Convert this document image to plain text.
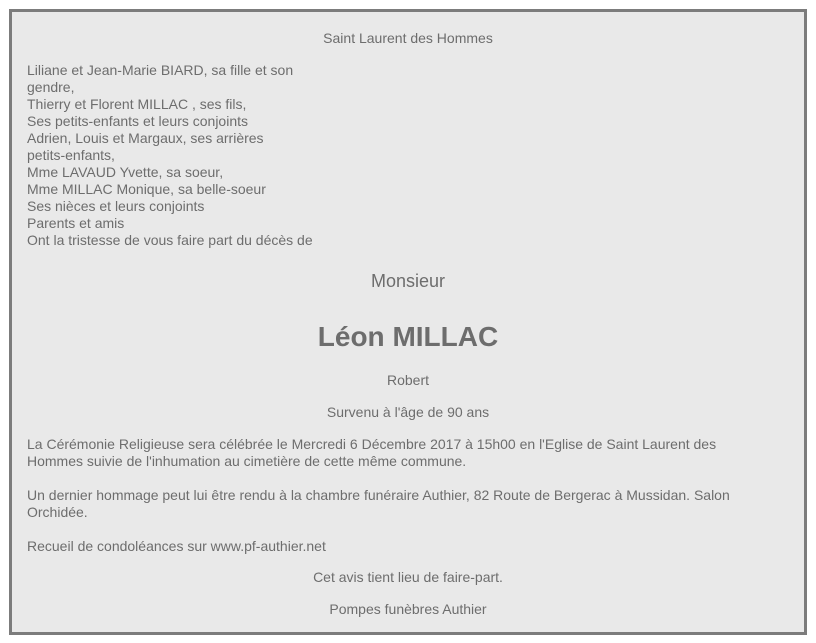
Saint Laurent des Hommes
Liliane et Jean-Marie BIARD, sa fille et son
gendre,
Thierry et Florent MILLAC , ses fils,
Ses petits-enfants et leurs conjoints
Adrien, Louis et Margaux, ses arrières
petits-enfants,
Mme LAVAUD Yvette, sa soeur,
Mme MILLAC Monique, sa belle-soeur
Ses nièces et leurs conjoints
Parents et amis
Ont la tristesse de vous faire part du décès de
Monsieur
Léon MILLAC
Robert
Survenu à l'âge de 90 ans
La Cérémonie Religieuse sera célébrée le Mercredi 6 Décembre 2017 à 15h00 en l'Eglise de Saint Laurent des Hommes suivie de l'inhumation au cimetière de cette même commune.
Un dernier hommage peut lui être rendu à la chambre funéraire Authier, 82 Route de Bergerac à Mussidan. Salon Orchidée.
Recueil de condoléances sur www.pf-authier.net
Cet avis tient lieu de faire-part.
Pompes funèbres Authier
